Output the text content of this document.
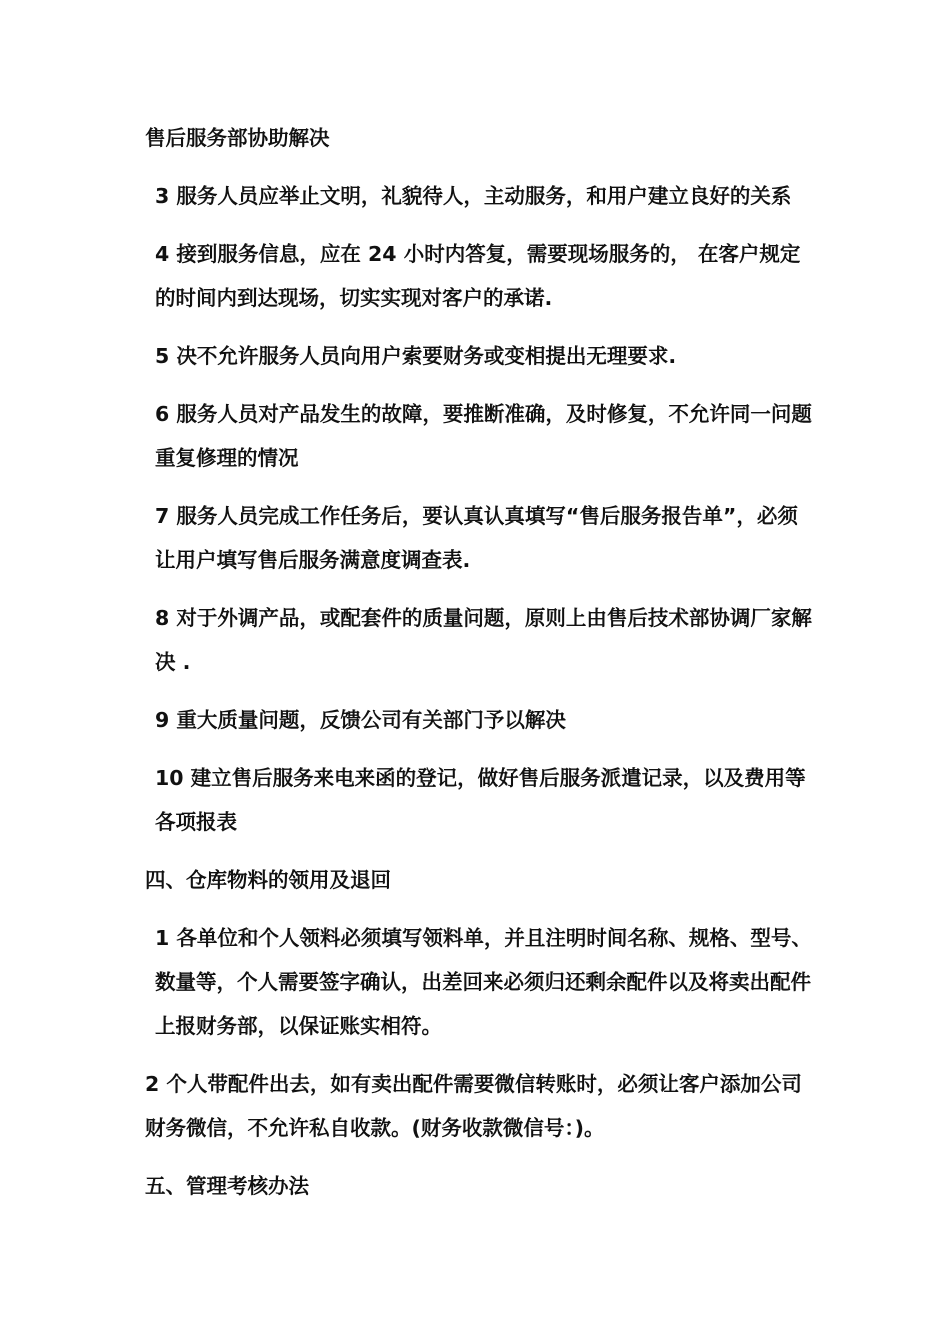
售后服务部协助解决

3 服务人员应举止文明，礼貌待人，主动服务，和用户建立良好的关系

4 接到服务信息，应在 24 小时内答复，需要现场服务的， 在客户规定的时间内到达现场，切实实现对客户的承诺.

5 决不允许服务人员向用户索要财务或变相提出无理要求.

6 服务人员对产品发生的故障，要推断准确，及时修复，不允许同一问题重复修理的情况

7 服务人员完成工作任务后，要认真认真填写“售后服务报告单”，必须让用户填写售后服务满意度调查表.

8 对于外调产品，或配套件的质量问题，原则上由售后技术部协调厂家解决 .

9 重大质量问题，反馈公司有关部门予以解决

10 建立售后服务来电来函的登记，做好售后服务派遣记录，以及费用等各项报表

四、仓库物料的领用及退回

1 各单位和个人领料必须填写领料单，并且注明时间名称、规格、型号、数量等，个人需要签字确认，出差回来必须归还剩余配件以及将卖出配件上报财务部，以保证账实相符。

2 个人带配件出去，如有卖出配件需要微信转账时，必须让客户添加公司财务微信，不允许私自收款。(财务收款微信号：)。

五、管理考核办法
